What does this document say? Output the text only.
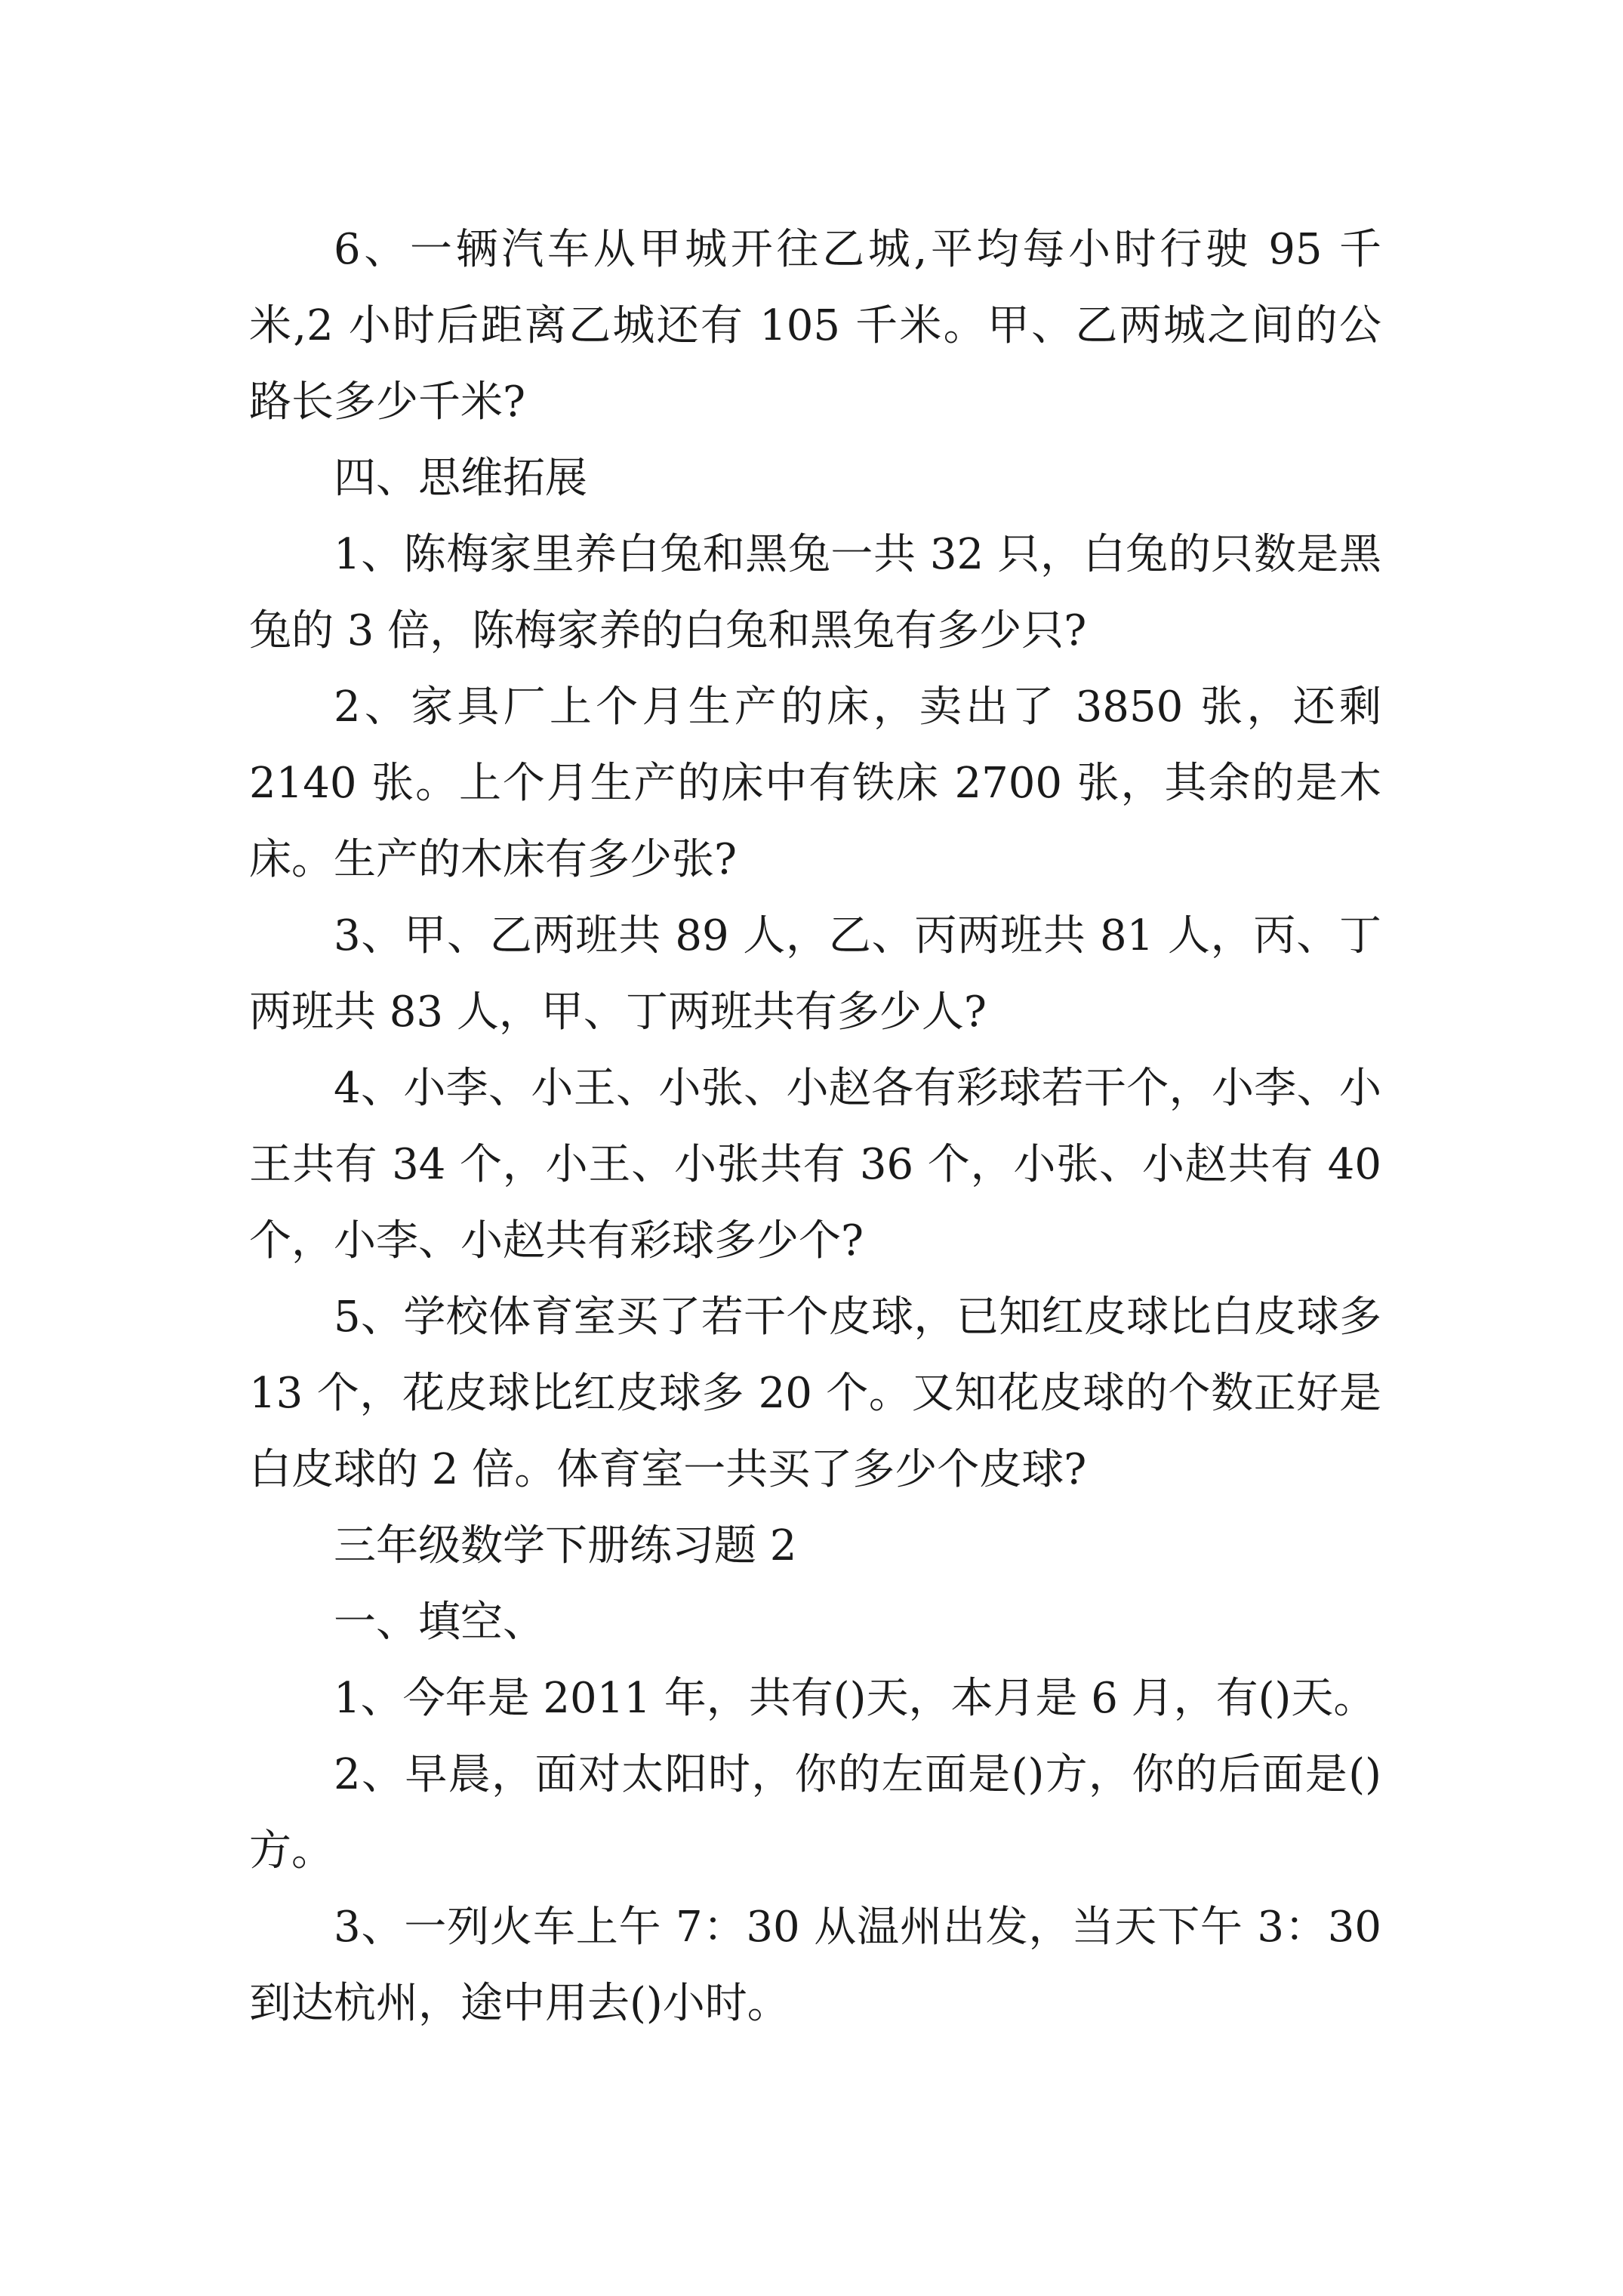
6、一辆汽车从甲城开往乙城,平均每小时行驶 95 千米,2 小时后距离乙城还有 105 千米。甲、乙两城之间的公路长多少千米?

四、思维拓展

1、陈梅家里养白兔和黑兔一共 32 只，白兔的只数是黑兔的 3 倍，陈梅家养的白兔和黑兔有多少只?

2、家具厂上个月生产的床，卖出了 3850 张，还剩 2140 张。上个月生产的床中有铁床 2700 张，其余的是木床。生产的木床有多少张?

3、甲、乙两班共 89 人，乙、丙两班共 81 人，丙、丁两班共 83 人，甲、丁两班共有多少人?

4、小李、小王、小张、小赵各有彩球若干个，小李、小王共有 34 个，小王、小张共有 36 个，小张、小赵共有 40 个，小李、小赵共有彩球多少个?

5、学校体育室买了若干个皮球，已知红皮球比白皮球多 13 个，花皮球比红皮球多 20 个。又知花皮球的个数正好是白皮球的 2 倍。体育室一共买了多少个皮球?

三年级数学下册练习题 2

一、填空、

1、今年是 2011 年，共有()天，本月是 6 月，有()天。

2、早晨，面对太阳时，你的左面是()方，你的后面是()方。

3、一列火车上午 7：30 从温州出发，当天下午 3：30 到达杭州，途中用去()小时。
